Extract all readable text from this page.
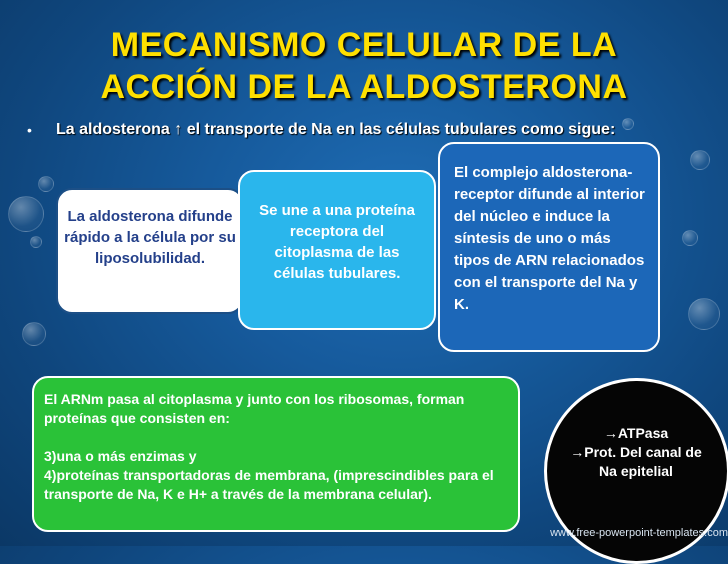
MECANISMO CELULAR DE LA
ACCIÓN DE LA ALDOSTERONA
• La aldosterona ↑ el transporte de Na en las células tubulares como sigue:
La aldosterona difunde rápido a la célula por su liposolubilidad.
Se une a una proteína receptora del citoplasma de las células tubulares.
El complejo aldosterona-receptor difunde al interior del núcleo e induce la síntesis de uno o más tipos de ARN relacionados con el transporte del Na y K.

El ARNm pasa al citoplasma y junto con los ribosomas, forman proteínas que consisten en:

3)una o más enzimas y
4)proteínas transportadoras de membrana, (imprescindibles para el transporte de Na, K e H+ a través de la membrana celular).

→ATPasa
→Prot. Del canal de Na epitelial
www.free-powerpoint-templates.com
